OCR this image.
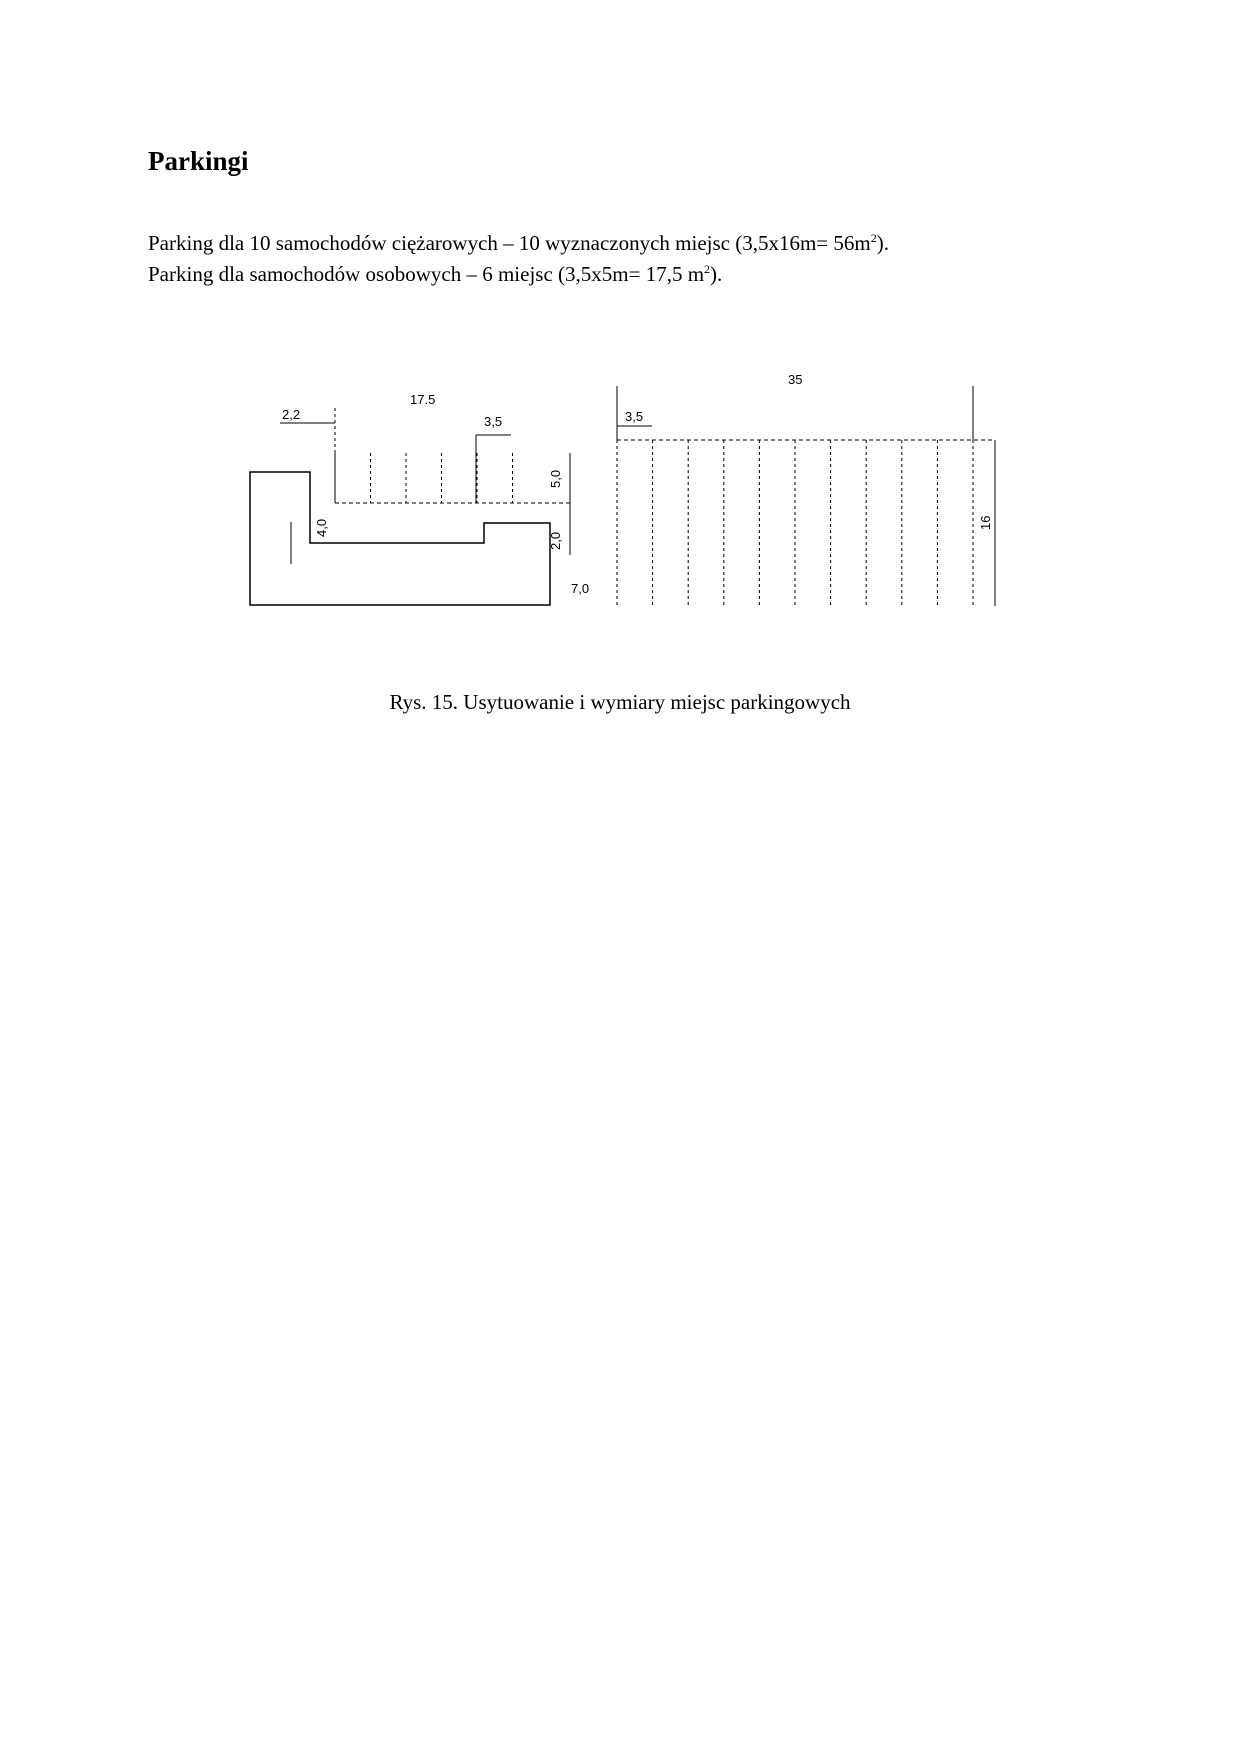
Parkingi

Parking dla 10 samochodów ciężarowych – 10 wyznaczonych miejsc $(3,5x16m= 56m^2)$.

Parking dla samochodów osobowych – 6 miejsc (3,5x5m= 17,5 $m^2$).

17.5
2,2	3,5
5,0
2,0
4,0
7,0
35
3,5
16

Rys. 15. Usytuowanie i wymiary miejsc parkingowych
